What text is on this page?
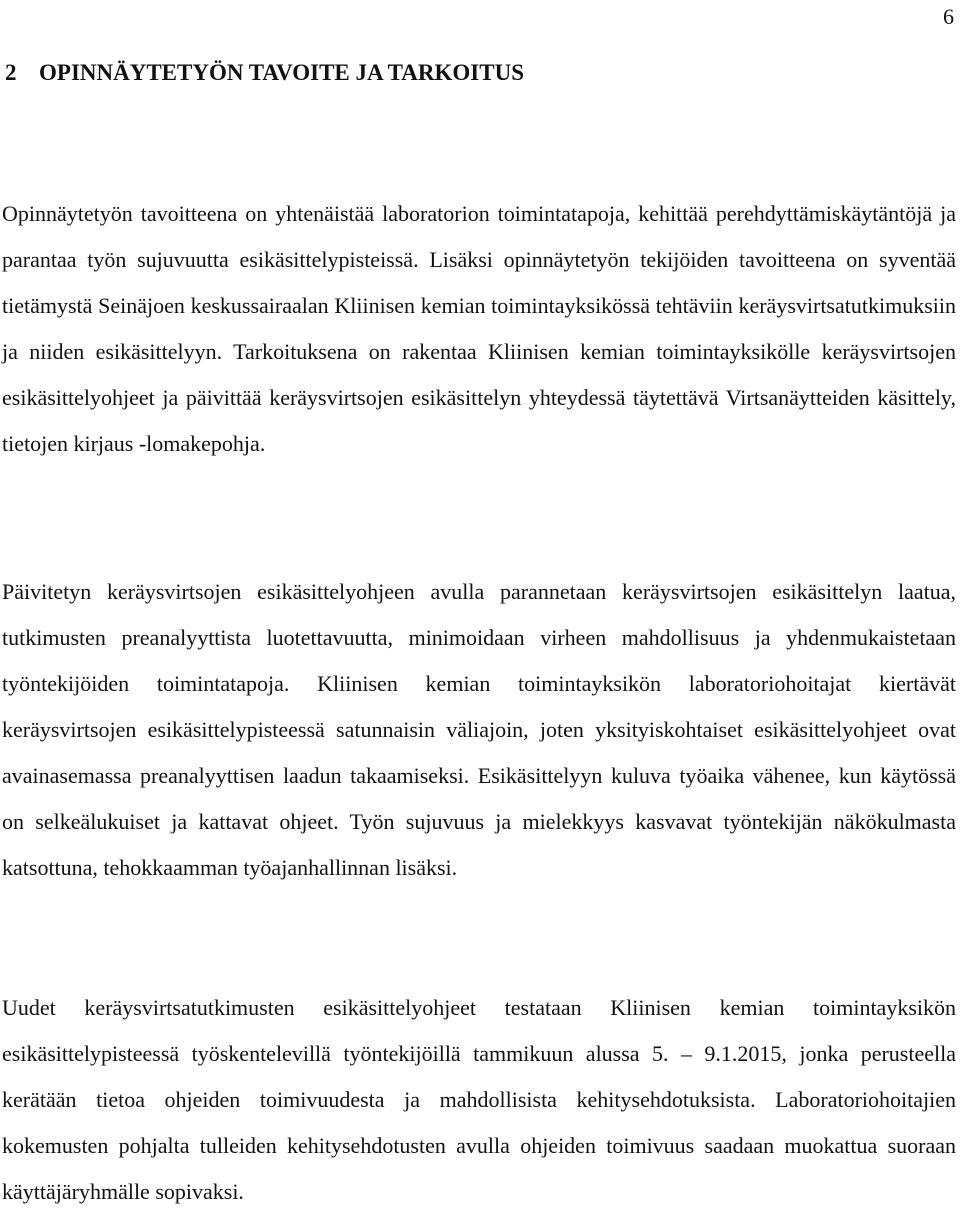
6
2 OPINNÄYTETYÖN TAVOITE JA TARKOITUS

Opinnäytetyön tavoitteena on yhtenäistää laboratorion toimintatapoja, kehittää perehdyttämiskäytäntöjä ja parantaa työn sujuvuutta esikäsittelypisteissä. Lisäksi opinnäytetyön tekijöiden tavoitteena on syventää tietämystä Seinäjoen keskussairaalan Kliinisen kemian toimintayksikössä tehtäviin keräysvirtsatutkimuksiin ja niiden esikäsittelyyn. Tarkoituksena on rakentaa Kliinisen kemian toimintayksikölle keräysvirtsojen esikäsittelyohjeet ja päivittää keräysvirtsojen esikäsittelyn yhteydessä täytettävä Virtsanäytteiden käsittely, tietojen kirjaus -lomakepohja.

Päivitetyn keräysvirtsojen esikäsittelyohjeen avulla parannetaan keräysvirtsojen esikäsittelyn laatua, tutkimusten preanalyyttista luotettavuutta, minimoidaan virheen mahdollisuus ja yhdenmukaistetaan työntekijöiden toimintatapoja. Kliinisen kemian toimintayksikön laboratoriohoitajat kiertävät keräysvirtsojen esikäsittelypisteessä satunnaisin väliajoin, joten yksityiskohtaiset esikäsittelyohjeet ovat avainasemassa preanalyyttisen laadun takaamiseksi. Esikäsittelyyn kuluva työaika vähenee, kun käytössä on selkeälukuiset ja kattavat ohjeet. Työn sujuvuus ja mielekkyys kasvavat työntekijän näkökulmasta katsottuna, tehokkaamman työajanhallinnan lisäksi.

Uudet keräysvirtsatutkimusten esikäsittelyohjeet testataan Kliinisen kemian toimintayksikön esikäsittelypisteessä työskentelevillä työntekijöillä tammikuun alussa 5. – 9.1.2015, jonka perusteella kerätään tietoa ohjeiden toimivuudesta ja mahdollisista kehitysehdotuksista. Laboratoriohoitajien kokemusten pohjalta tulleiden kehitysehdotusten avulla ohjeiden toimivuus saadaan muokattua suoraan käyttäjäryhmälle sopivaksi.
